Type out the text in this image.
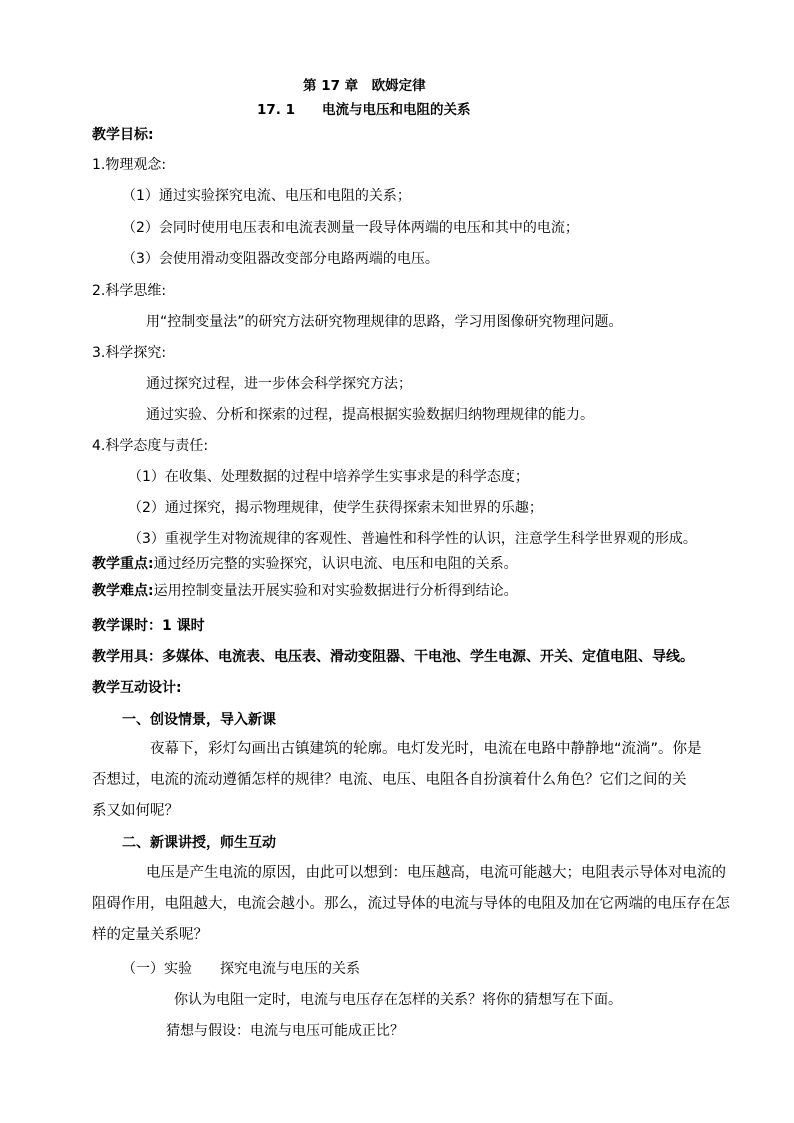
第 17 章　欧姆定律
17. 1　　电流与电压和电阻的关系
教学目标:
1.物理观念:
（1）通过实验探究电流、电压和电阻的关系；
（2）会同时使用电压表和电流表测量一段导体两端的电压和其中的电流；
（3）会使用滑动变阻器改变部分电路两端的电压。
2.科学思维:
用“控制变量法”的研究方法研究物理规律的思路，学习用图像研究物理问题。
3.科学探究:
通过探究过程，进一步体会科学探究方法；
通过实验、分析和探索的过程，提高根据实验数据归纳物理规律的能力。
4.科学态度与责任:
（1）在收集、处理数据的过程中培养学生实事求是的科学态度；
（2）通过探究，揭示物理规律，使学生获得探索未知世界的乐趣；
（3）重视学生对物流规律的客观性、普遍性和科学性的认识，注意学生科学世界观的形成。
教学重点:通过经历完整的实验探究，认识电流、电压和电阻的关系。
教学难点:运用控制变量法开展实验和对实验数据进行分析得到结论。
教学课时：1 课时
教学用具：多媒体、电流表、电压表、滑动变阻器、干电池、学生电源、开关、定值电阻、导线。
教学互动设计:
一、创设情景，导入新课
夜幕下，彩灯勾画出古镇建筑的轮廓。电灯发光时，电流在电路中静静地“流淌”。你是
否想过，电流的流动遵循怎样的规律？电流、电压、电阻各自扮演着什么角色？它们之间的关
系又如何呢？
二、新课讲授，师生互动
电压是产生电流的原因，由此可以想到：电压越高，电流可能越大；电阻表示导体对电流的
阻碍作用，电阻越大，电流会越小。那么，流过导体的电流与导体的电阻及加在它两端的电压存在怎
样的定量关系呢？
（一）实验　　探究电流与电压的关系
你认为电阻一定时，电流与电压存在怎样的关系？将你的猜想写在下面。
猜想与假设：电流与电压可能成正比？
